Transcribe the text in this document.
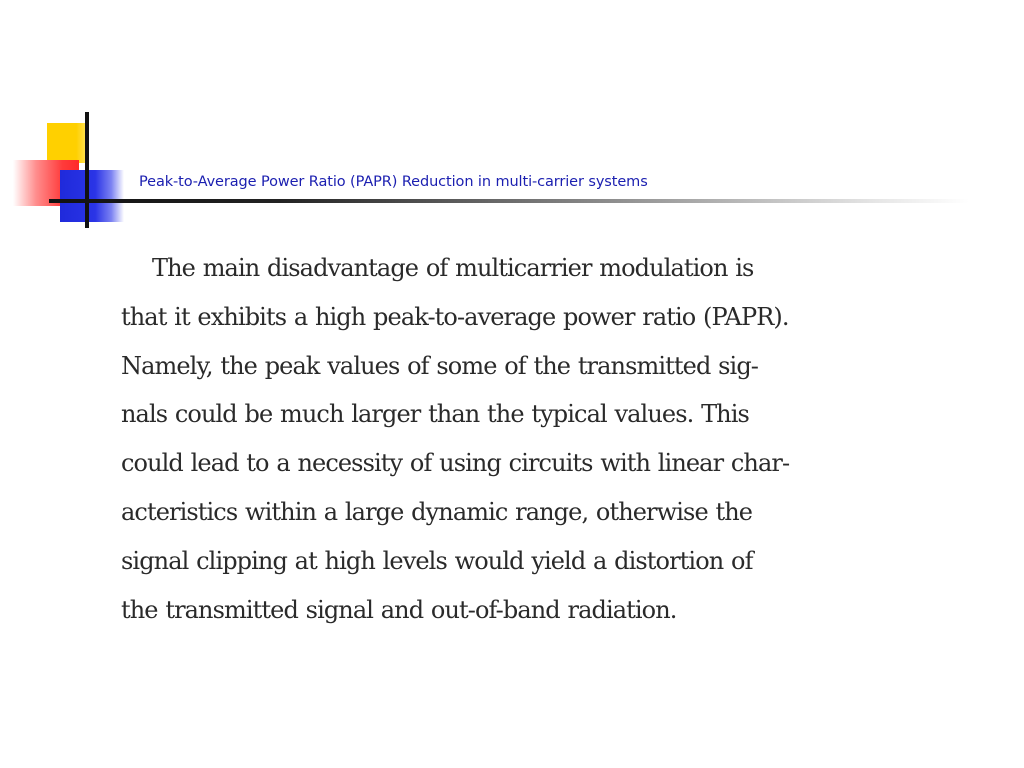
Peak-to-Average Power Ratio (PAPR) Reduction in multi-carrier systems
The main disadvantage of multicarrier modulation is
that it exhibits a high peak-to-average power ratio (PAPR).
Namely, the peak values of some of the transmitted sig-
nals could be much larger than the typical values. This
could lead to a necessity of using circuits with linear char-
acteristics within a large dynamic range, otherwise the
signal clipping at high levels would yield a distortion of
the transmitted signal and out-of-band radiation.
